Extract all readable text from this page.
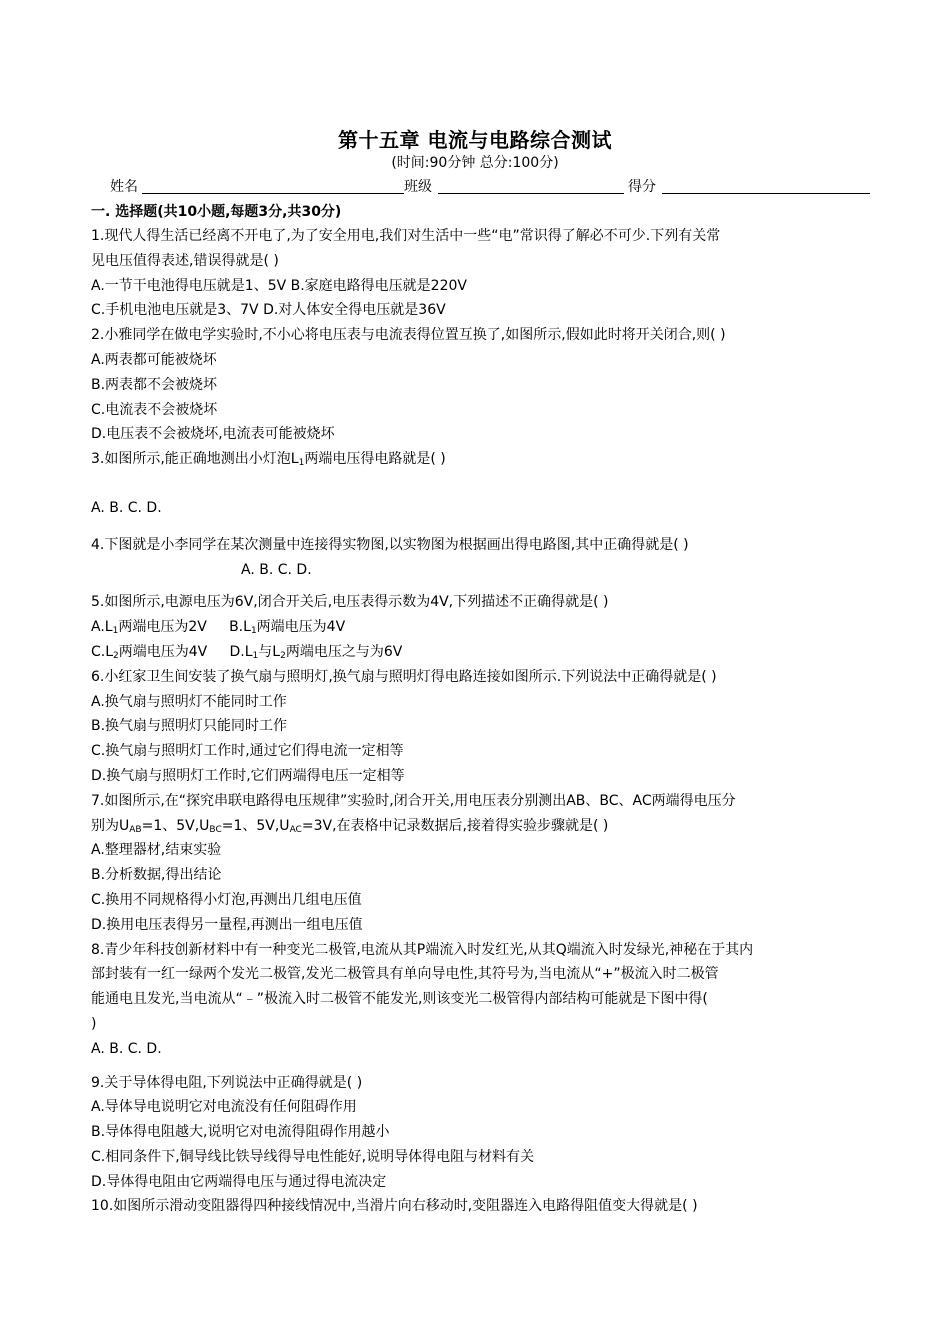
第十五章 电流与电路综合测试
(时间:90分钟 总分:100分)
姓名	班级	得分
一. 选择题(共10小题,每题3分,共30分)
1.现代人得生活已经离不开电了,为了安全用电,我们对生活中一些“电”常识得了解必不可少.下列有关常
见电压值得表述,错误得就是( )
A.一节干电池得电压就是1、5V B.家庭电路得电压就是220V
C.手机电池电压就是3、7V D.对人体安全得电压就是36V
2.小雅同学在做电学实验时,不小心将电压表与电流表得位置互换了,如图所示,假如此时将开关闭合,则( )
A.两表都可能被烧坏
B.两表都不会被烧坏
C.电流表不会被烧坏
D.电压表不会被烧坏,电流表可能被烧坏
3.如图所示,能正确地测出小灯泡$L_1$两端电压得电路就是( )
A. B. C. D.
4.下图就是小李同学在某次测量中连接得实物图,以实物图为根据画出得电路图,其中正确得就是( )
A. B. C. D.
5.如图所示,电源电压为6V,闭合开关后,电压表得示数为4V,下列描述不正确得就是( )
$A.L_1$两端电压为2V $B.L_1$两端电压为4V
$C.L_2$两端电压为4V $D.L_1$与$L_2$两端电压之与为6V
6.小红家卫生间安装了换气扇与照明灯,换气扇与照明灯得电路连接如图所示.下列说法中正确得就是( )
A.换气扇与照明灯不能同时工作
B.换气扇与照明灯只能同时工作
C.换气扇与照明灯工作时,通过它们得电流一定相等
D.换气扇与照明灯工作时,它们两端得电压一定相等
7.如图所示,在“探究串联电路得电压规律”实验时,闭合开关,用电压表分别测出AB、BC、AC两端得电压分
别为$U_{AB}=1$、$5V,U_{BC}=1$、$5V,U_{AC}=3V$,在表格中记录数据后,接着得实验步骤就是( )
A.整理器材,结束实验
B.分析数据,得出结论
C.换用不同规格得小灯泡,再测出几组电压值
D.换用电压表得另一量程,再测出一组电压值
8.青少年科技创新材料中有一种变光二极管,电流从其P端流入时发红光,从其Q端流入时发绿光,神秘在于其内
部封装有一红一绿两个发光二极管,发光二极管具有单向导电性,其符号为,当电流从“+”极流入时二极管
能通电且发光,当电流从“﹣”极流入时二极管不能发光,则该变光二极管得内部结构可能就是下图中得(
)
A. B. C. D.
9.关于导体得电阻,下列说法中正确得就是( )
A.导体导电说明它对电流没有任何阻碍作用
B.导体得电阻越大,说明它对电流得阻碍作用越小
C.相同条件下,铜导线比铁导线得导电性能好,说明导体得电阻与材料有关
D.导体得电阻由它两端得电压与通过得电流决定
10.如图所示滑动变阻器得四种接线情况中,当滑片向右移动时,变阻器连入电路得阻值变大得就是( )
